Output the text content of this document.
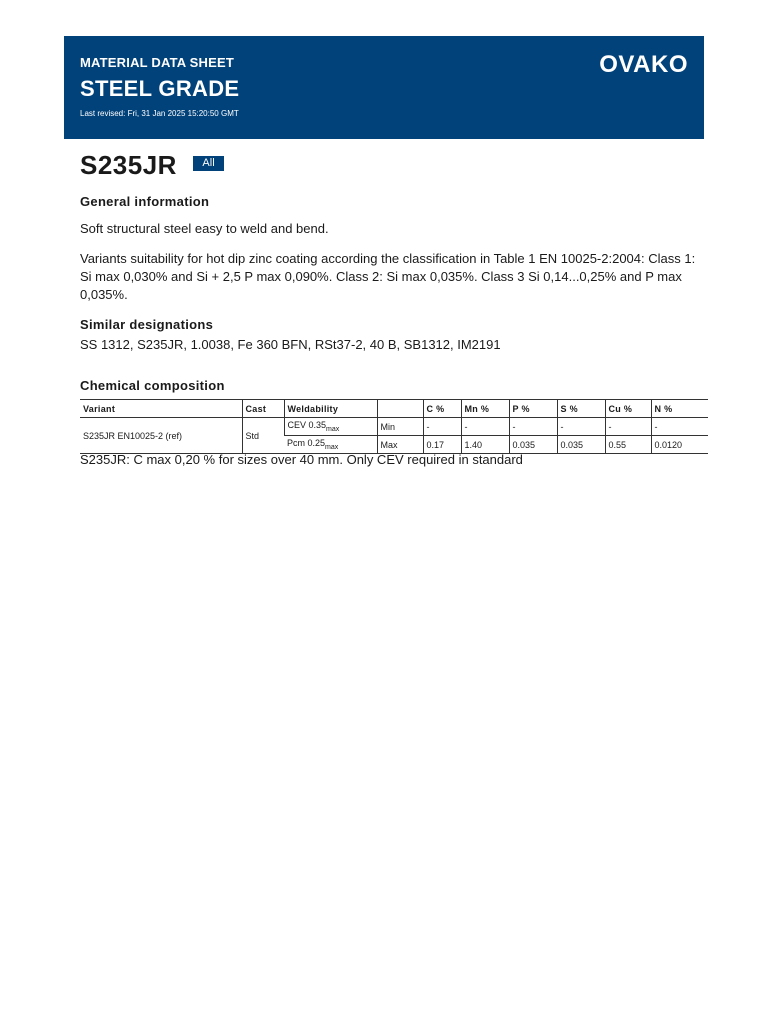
MATERIAL DATA SHEET
STEEL GRADE
Last revised: Fri, 31 Jan 2025 15:20:50 GMT
OVAKO
S235JR All
General information

Soft structural steel easy to weld and bend.

Variants suitability for hot dip zinc coating according the classification in Table 1 EN 10025-2:2004: Class 1: Si max 0,030% and Si + 2,5 P max 0,090%. Class 2: Si max 0,035%. Class 3 Si 0,14...0,25% and P max 0,035%.

Similar designations

SS 1312, S235JR, 1.0038, Fe 360 BFN, RSt37-2, 40 B, SB1312, IM2191

Chemical composition
Variant	Cast	Weldability		C %	Mn %	P %	S %	Cu %	N %
S235JR EN10025-2 (ref)	Std	CEV $0.35_{max}$	Min	-	-	-	-	-	-
		Pcm $0.25_{max}$	Max	0.17	1.40	0.035	0.035	0.55	0.0120
S235JR: C max 0,20 % for sizes over 40 mm. Only CEV required in standard
